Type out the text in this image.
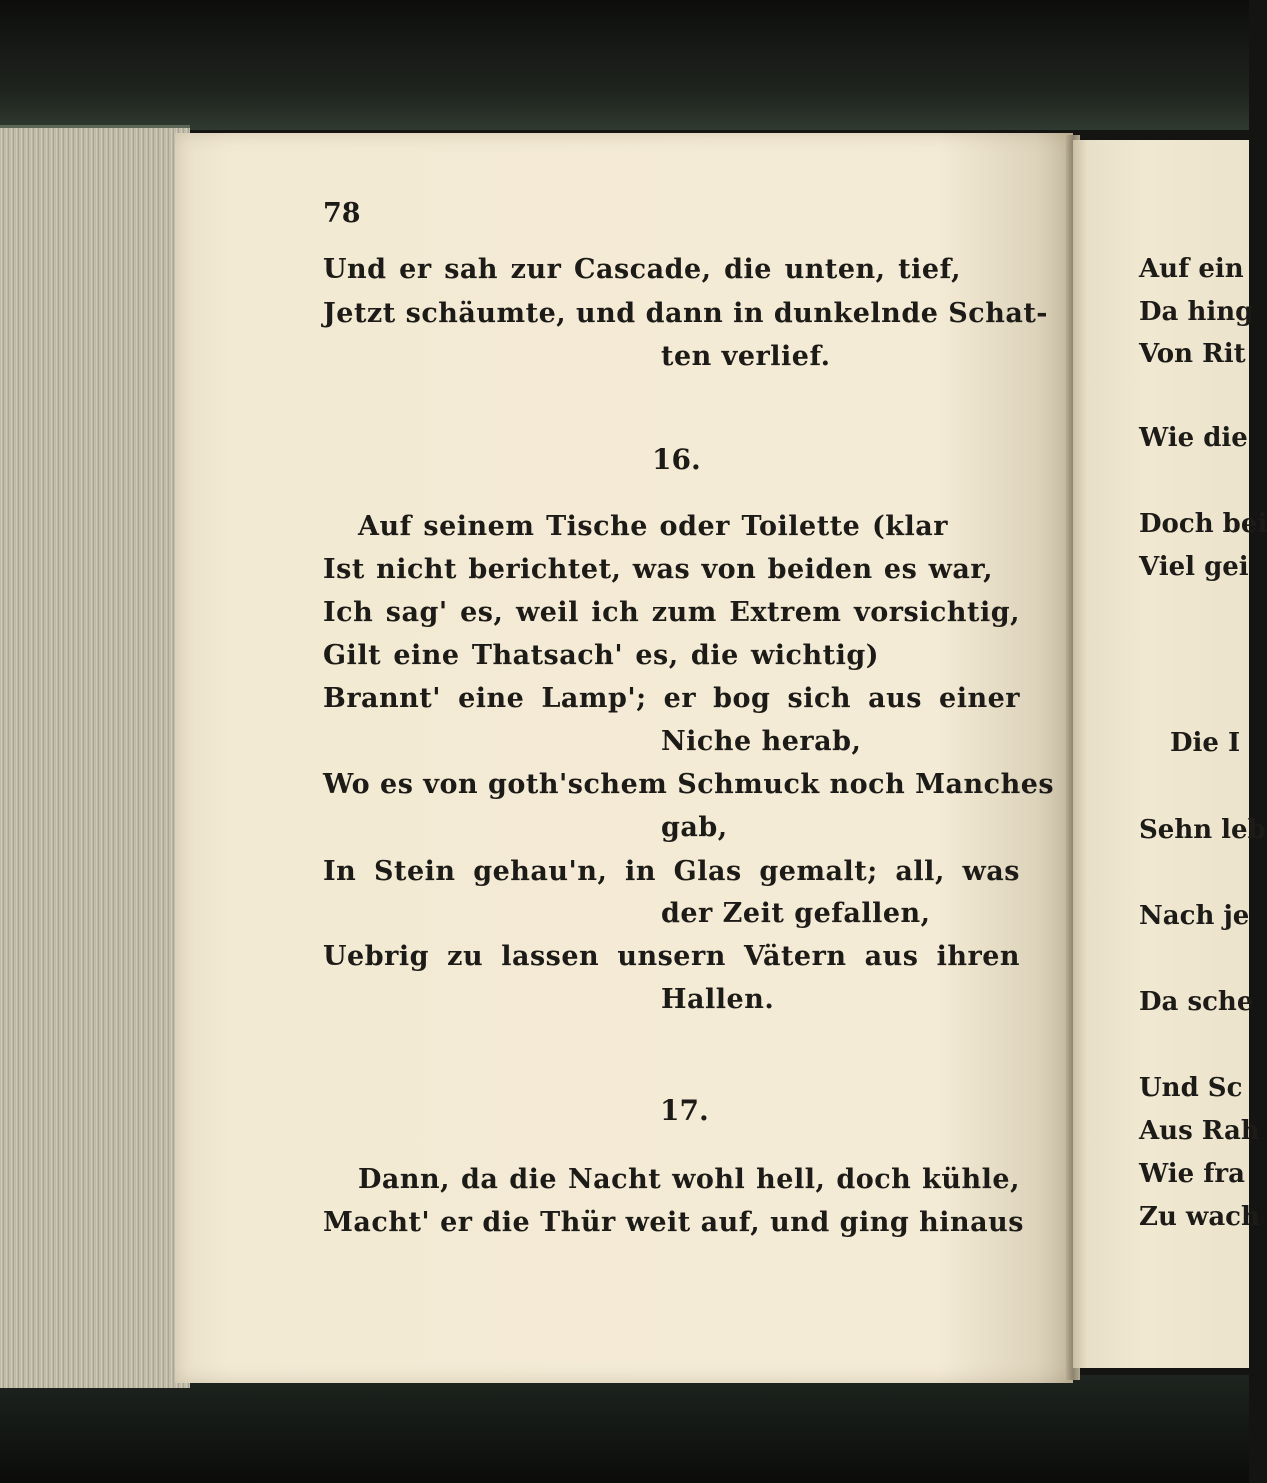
78
Und er sah zur Cascade, die unten, tief,
Jetzt schäumte, und dann in dunkelnde Schat-
ten verlief.
16.
Auf seinem Tische oder Toilette (klar
Ist nicht berichtet, was von beiden es war,
Ich sag' es, weil ich zum Extrem vorsichtig,
Gilt eine Thatsach' es, die wichtig)
Brannt' eine Lamp'; er bog sich aus einer
Niche herab,
Wo es von goth'schem Schmuck noch Manches
gab,
In Stein gehau'n, in Glas gemalt; all, was
der Zeit gefallen,
Uebrig zu lassen unsern Vätern aus ihren
Hallen.
17.
Dann, da die Nacht wohl hell, doch kühle,
Macht' er die Thür weit auf, und ging hinaus
Auf ein
Da hing
Von Rit
Wie die
Doch bei
Viel gei
Die I
Sehn leb
Nach je
Da sche
Und Sc
Aus Rah
Wie fra
Zu wach
